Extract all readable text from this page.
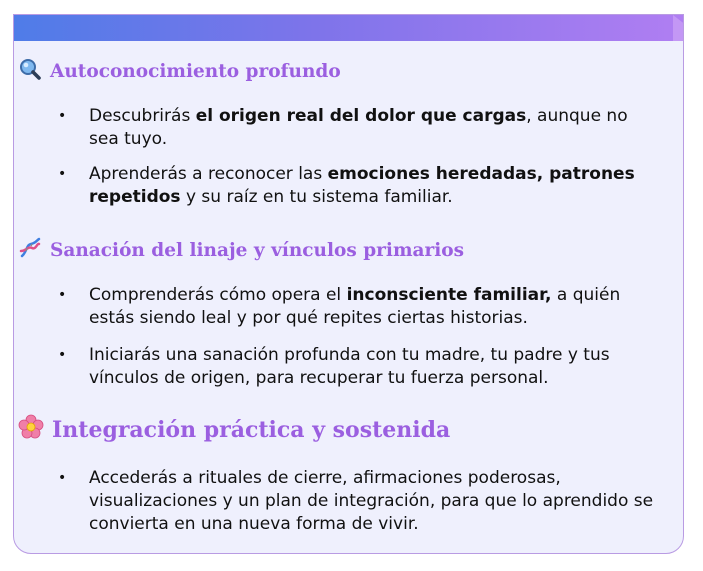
Autoconocimiento profundo
• Descubrirás el origen real del dolor que cargas, aunque no sea tuyo.
• Aprenderás a reconocer las emociones heredadas, patrones repetidos y su raíz en tu sistema familiar.
Sanación del linaje y vínculos primarios
• Comprenderás cómo opera el inconsciente familiar, a quién estás siendo leal y por qué repites ciertas historias.
• Iniciarás una sanación profunda con tu madre, tu padre y tus vínculos de origen, para recuperar tu fuerza personal.
Integración práctica y sostenida
• Accederás a rituales de cierre, afirmaciones poderosas, visualizaciones y un plan de integración, para que lo aprendido se convierta en una nueva forma de vivir.
